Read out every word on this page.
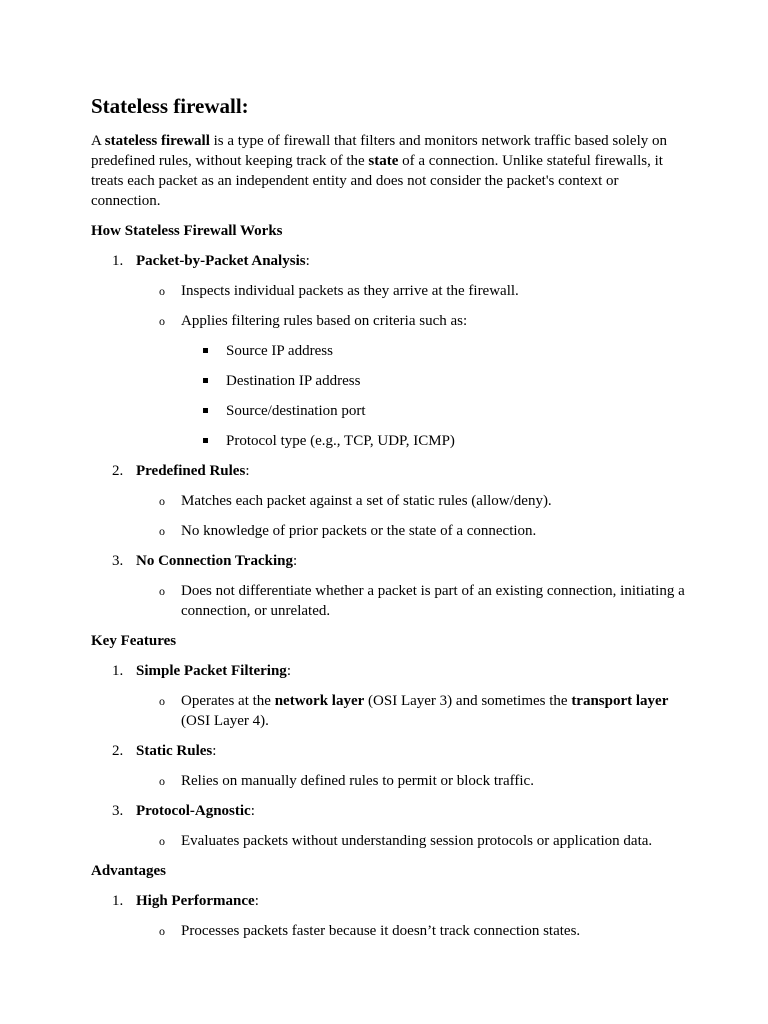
Stateless firewall:

A stateless firewall is a type of firewall that filters and monitors network traffic based solely on predefined rules, without keeping track of the state of a connection. Unlike stateful firewalls, it treats each packet as an independent entity and does not consider the packet's context or connection.

How Stateless Firewall Works
1. Packet-by-Packet Analysis:
o Inspects individual packets as they arrive at the firewall.
o Applies filtering rules based on criteria such as:
Source IP address
Destination IP address
Source/destination port
Protocol type (e.g., TCP, UDP, ICMP)
2. Predefined Rules:
o Matches each packet against a set of static rules (allow/deny).
o No knowledge of prior packets or the state of a connection.
3. No Connection Tracking:
o Does not differentiate whether a packet is part of an existing connection, initiating a connection, or unrelated.
Key Features
1. Simple Packet Filtering:
o Operates at the network layer (OSI Layer 3) and sometimes the transport layer (OSI Layer 4).
2. Static Rules:
o Relies on manually defined rules to permit or block traffic.
3. Protocol-Agnostic:
o Evaluates packets without understanding session protocols or application data.
Advantages
1. High Performance:
o Processes packets faster because it doesn’t track connection states.
